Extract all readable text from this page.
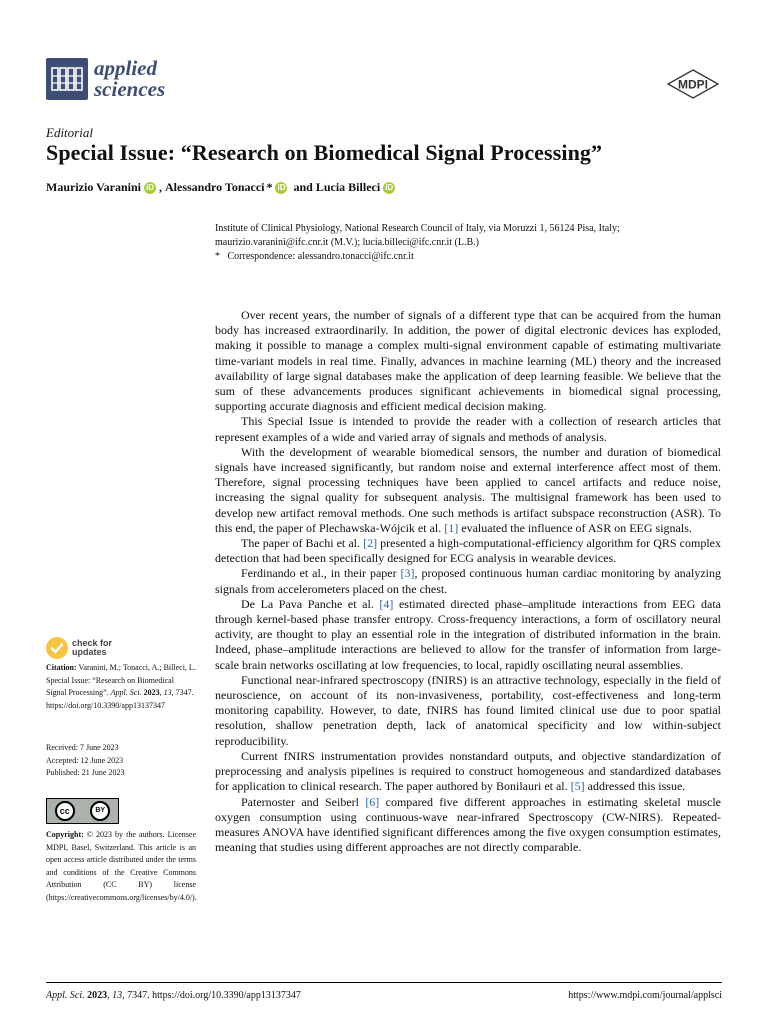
applied
sciences	MDPI
Editorial
Special Issue: “Research on Biomedical Signal Processing”
Maurizio Varanini iD , Alessandro Tonacci * iD and Lucia Billeci iD
Institute of Clinical Physiology, National Research Council of Italy, via Moruzzi 1, 56124 Pisa, Italy;
maurizio.varanini@ifc.cnr.it (M.V.); lucia.billeci@ifc.cnr.it (L.B.)
*   Correspondence: alessandro.tonacci@ifc.cnr.it

Over recent years, the number of signals of a different type that can be acquired from the human body has increased extraordinarily. In addition, the power of digital electronic devices has exploded, making it possible to manage a complex multi-signal environment capable of estimating multivariate time-variant models in real time. Finally, advances in machine learning (ML) theory and the increased availability of large signal databases make the application of deep learning feasible. We believe that the sum of these advancements produces significant achievements in biomedical signal processing, supporting accurate diagnosis and efficient medical decision making.

This Special Issue is intended to provide the reader with a collection of research articles that represent examples of a wide and varied array of signals and methods of analysis.

With the development of wearable biomedical sensors, the number and duration of biomedical signals have increased significantly, but random noise and external interference affect most of them. Therefore, signal processing techniques have been applied to cancel artifacts and reduce noise, increasing the signal quality for subsequent analysis. The multisignal framework has been used to develop new artifact removal methods. One such methods is artifact subspace reconstruction (ASR). To this end, the paper of Plechawska-Wójcik et al. [1] evaluated the influence of ASR on EEG signals.

The paper of Bachi et al. [2] presented a high-computational-efficiency algorithm for QRS complex detection that had been specifically designed for ECG analysis in wearable devices.

Ferdinando et al., in their paper [3], proposed continuous human cardiac monitoring by analyzing signals from accelerometers placed on the chest.

De La Pava Panche et al. [4] estimated directed phase–amplitude interactions from EEG data through kernel-based phase transfer entropy. Cross-frequency interactions, a form of oscillatory neural activity, are thought to play an essential role in the integration of distributed information in the brain. Indeed, phase–amplitude interactions are believed to allow for the transfer of information from large-scale brain networks oscillating at low frequencies, to local, rapidly oscillating neural assemblies.

Functional near-infrared spectroscopy (fNIRS) is an attractive technology, especially in the field of neuroscience, on account of its non-invasiveness, portability, cost-effectiveness and long-term monitoring capability. However, to date, fNIRS has found limited clinical use due to poor spatial resolution, shallow penetration depth, lack of anatomical specificity and low within-subject reproducibility.

Current fNIRS instrumentation provides nonstandard outputs, and objective standardization of preprocessing and analysis pipelines is required to construct homogeneous and standardized databases for application to clinical research. The paper authored by Bonilauri et al. [5] addressed this issue.

Paternoster and Seiberl [6] compared five different approaches in estimating skeletal muscle oxygen consumption using continuous-wave near-infrared Spectroscopy (CW-NIRS). Repeated-measures ANOVA have identified significant differences among the five oxygen consumption estimates, meaning that studies using different approaches are not directly comparable.

check for
updates
Citation: Varanini, M.; Tonacci, A.; Billeci, L. Special Issue: “Research on Biomedical Signal Processing”. Appl. Sci. 2023, 13, 7347. https://doi.org/10.3390/app13137347
Received: 7 June 2023
Accepted: 12 June 2023
Published: 21 June 2023
cc	BY
Copyright: © 2023 by the authors. Licensee MDPI, Basel, Switzerland. This article is an open access article distributed under the terms and conditions of the Creative Commons Attribution (CC BY) license (https://creativecommons.org/licenses/by/4.0/).
Appl. Sci. 2023, 13, 7347. https://doi.org/10.3390/app13137347	https://www.mdpi.com/journal/applsci
